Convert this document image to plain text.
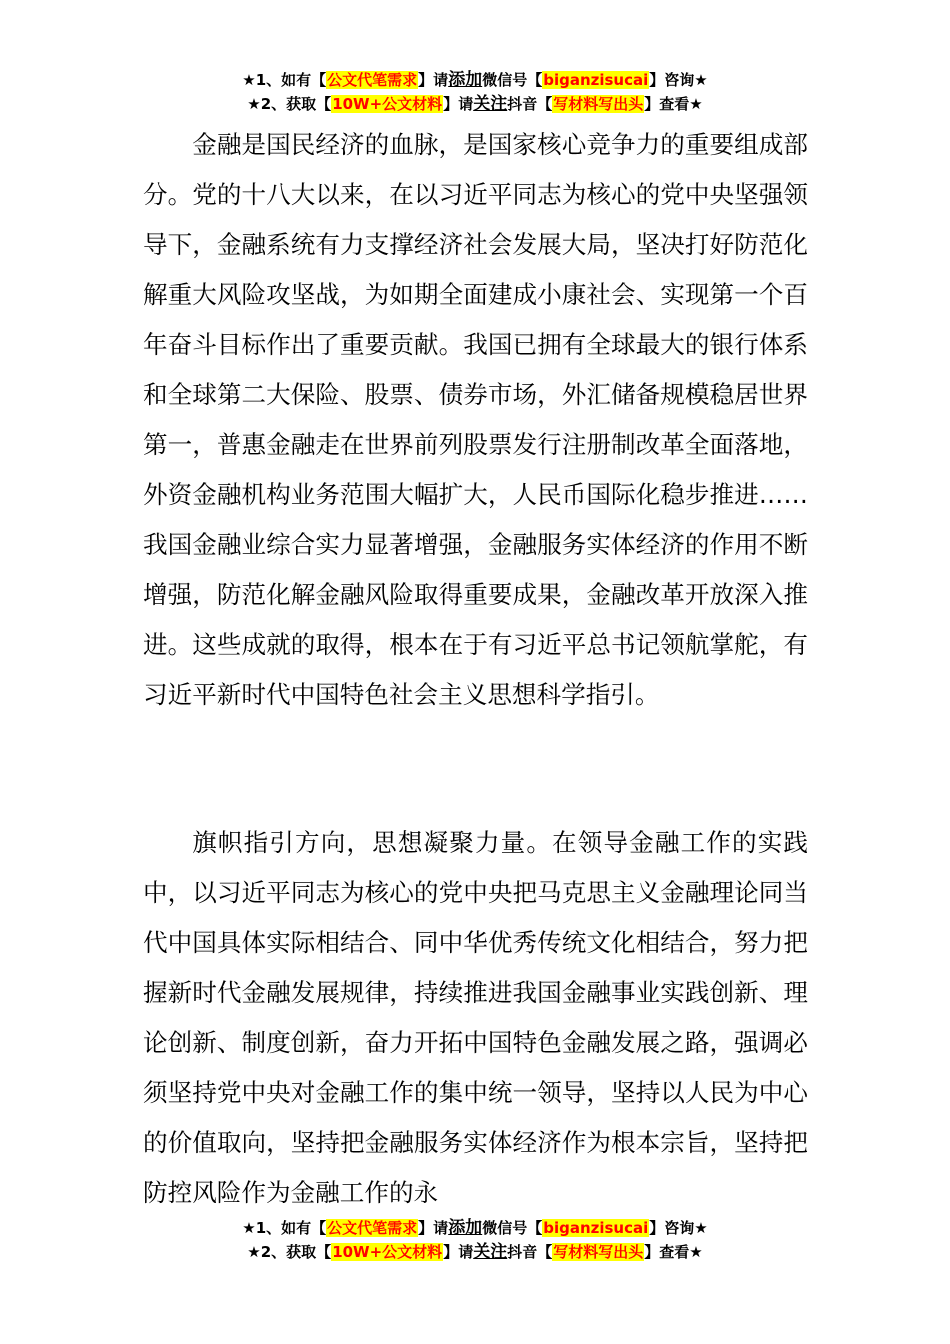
★1、如有【公文代笔需求】请添加微信号【biganzisucai】咨询★
★2、获取【10W+公文材料】请关注抖音【写材料写出头】查看★

金融是国民经济的血脉，是国家核心竞争力的重要组成部分。党的十八大以来，在以习近平同志为核心的党中央坚强领导下，金融系统有力支撑经济社会发展大局，坚决打好防范化解重大风险攻坚战，为如期全面建成小康社会、实现第一个百年奋斗目标作出了重要贡献。我国已拥有全球最大的银行体系和全球第二大保险、股票、债券市场，外汇储备规模稳居世界第一，普惠金融走在世界前列股票发行注册制改革全面落地，外资金融机构业务范围大幅扩大，人民币国际化稳步推进……我国金融业综合实力显著增强，金融服务实体经济的作用不断增强，防范化解金融风险取得重要成果，金融改革开放深入推进。这些成就的取得，根本在于有习近平总书记领航掌舵，有习近平新时代中国特色社会主义思想科学指引。

旗帜指引方向，思想凝聚力量。在领导金融工作的实践中，以习近平同志为核心的党中央把马克思主义金融理论同当代中国具体实际相结合、同中华优秀传统文化相结合，努力把握新时代金融发展规律，持续推进我国金融事业实践创新、理论创新、制度创新，奋力开拓中国特色金融发展之路，强调必须坚持党中央对金融工作的集中统一领导，坚持以人民为中心的价值取向，坚持把金融服务实体经济作为根本宗旨，坚持把防控风险作为金融工作的永

★1、如有【公文代笔需求】请添加微信号【biganzisucai】咨询★
★2、获取【10W+公文材料】请关注抖音【写材料写出头】查看★
